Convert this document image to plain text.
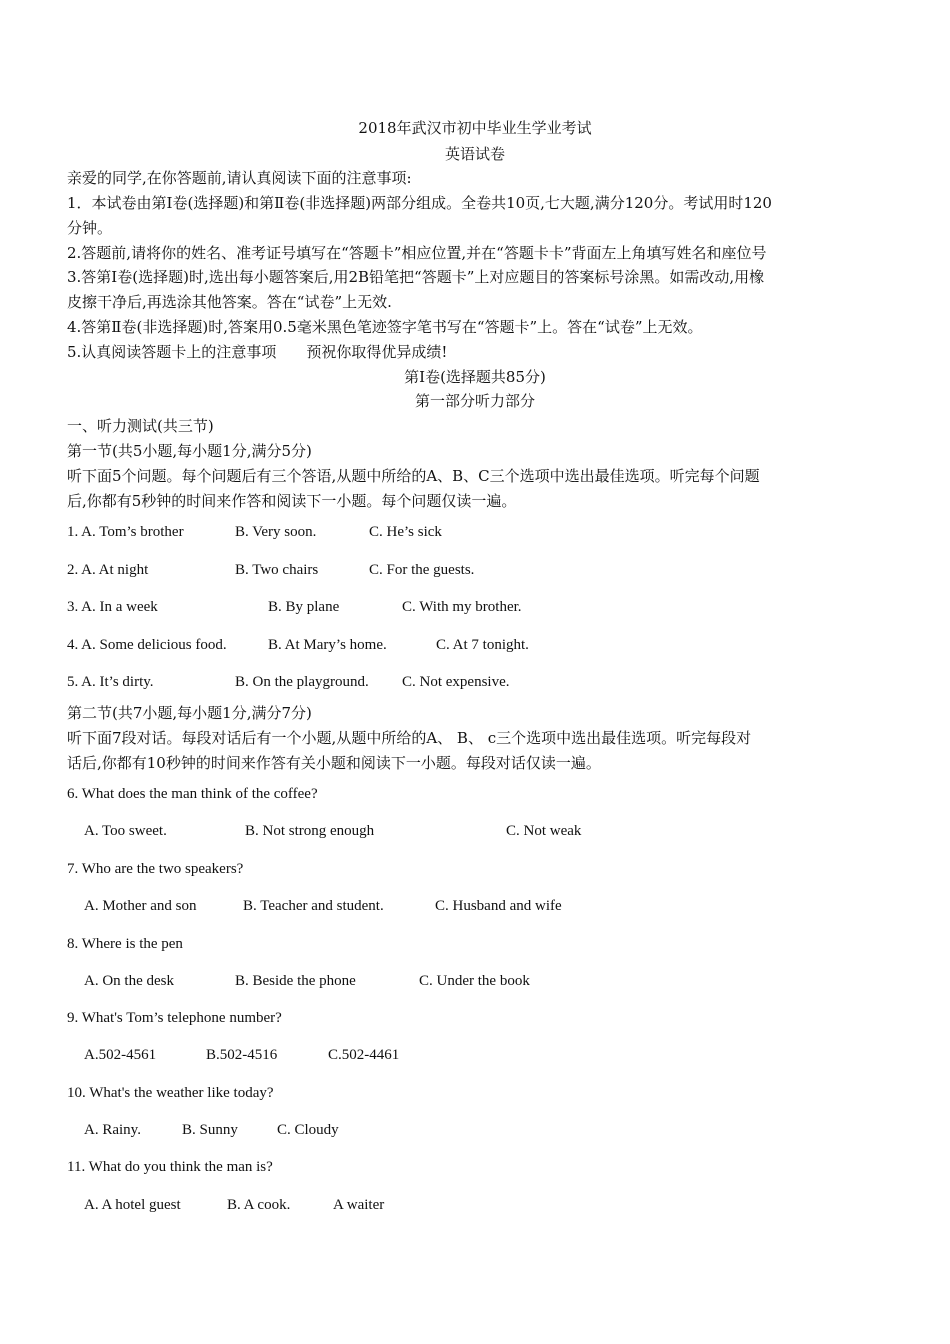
2018年武汉市初中毕业生学业考试
英语试卷
亲爱的同学,在你答题前,请认真阅读下面的注意事项:
1．本试卷由第Ⅰ卷(选择题)和第Ⅱ卷(非选择题)两部分组成。全卷共10页,七大题,满分120分。考试用时120
分钟。
2.答题前,请将你的姓名、准考证号填写在“答题卡”相应位置,并在“答题卡卡”背面左上角填写姓名和座位号
3.答第Ⅰ卷(选择题)时,选出每小题答案后,用2B铅笔把“答题卡”上对应题目的答案标号涂黑。如需改动,用橡
皮擦干净后,再选涂其他答案。答在“试卷”上无效.
4.答第Ⅱ卷(非选择题)时,答案用0.5毫米黑色笔迹签字笔书写在“答题卡”上。答在“试卷”上无效。
5.认真阅读答题卡上的注意事项　　预祝你取得优异成绩!
第Ⅰ卷(选择题共85分)
第一部分听力部分
一、听力测试(共三节)
第一节(共5小题,每小题1分,满分5分)
听下面5个问题。每个问题后有三个答语,从题中所给的A、B、C三个选项中选出最佳选项。听完每个问题
后,你都有5秒钟的时间来作答和阅读下一小题。每个问题仅读一遍。
1. A. Tom’s brother	B. Very soon.	C. He’s sick
2. A. At night	B. Two chairs	C. For the guests.
3. A. In a week	B. By plane	C. With my brother.
4. A. Some delicious food.	B. At Mary’s home.	C. At 7 tonight.
5. A. It’s dirty.	B. On the playground. C. Not expensive.
第二节(共7小题,每小题1分,满分7分)
听下面7段对话。每段对话后有一个小题,从题中所给的A、 B、 c三个选项中选出最佳选项。听完每段对
话后,你都有10秒钟的时间来作答有关小题和阅读下一小题。每段对话仅读一遍。
6. What does the man think of the coffee?
A. Too sweet.	B. Not strong enough	C. Not weak
7. Who are the two speakers?
A. Mother and son	B. Teacher and student.	C. Husband and wife
8. Where is the pen
A. On the desk	B. Beside the phone	C. Under the book
9. What's Tom’s telephone number?
A.502-4561	B.502-4516	C.502-4461
10. What's the weather like today?
A. Rainy.	B. Sunny	C. Cloudy
11. What do you think the man is?
A. A hotel guest	B. A cook.	A waiter
